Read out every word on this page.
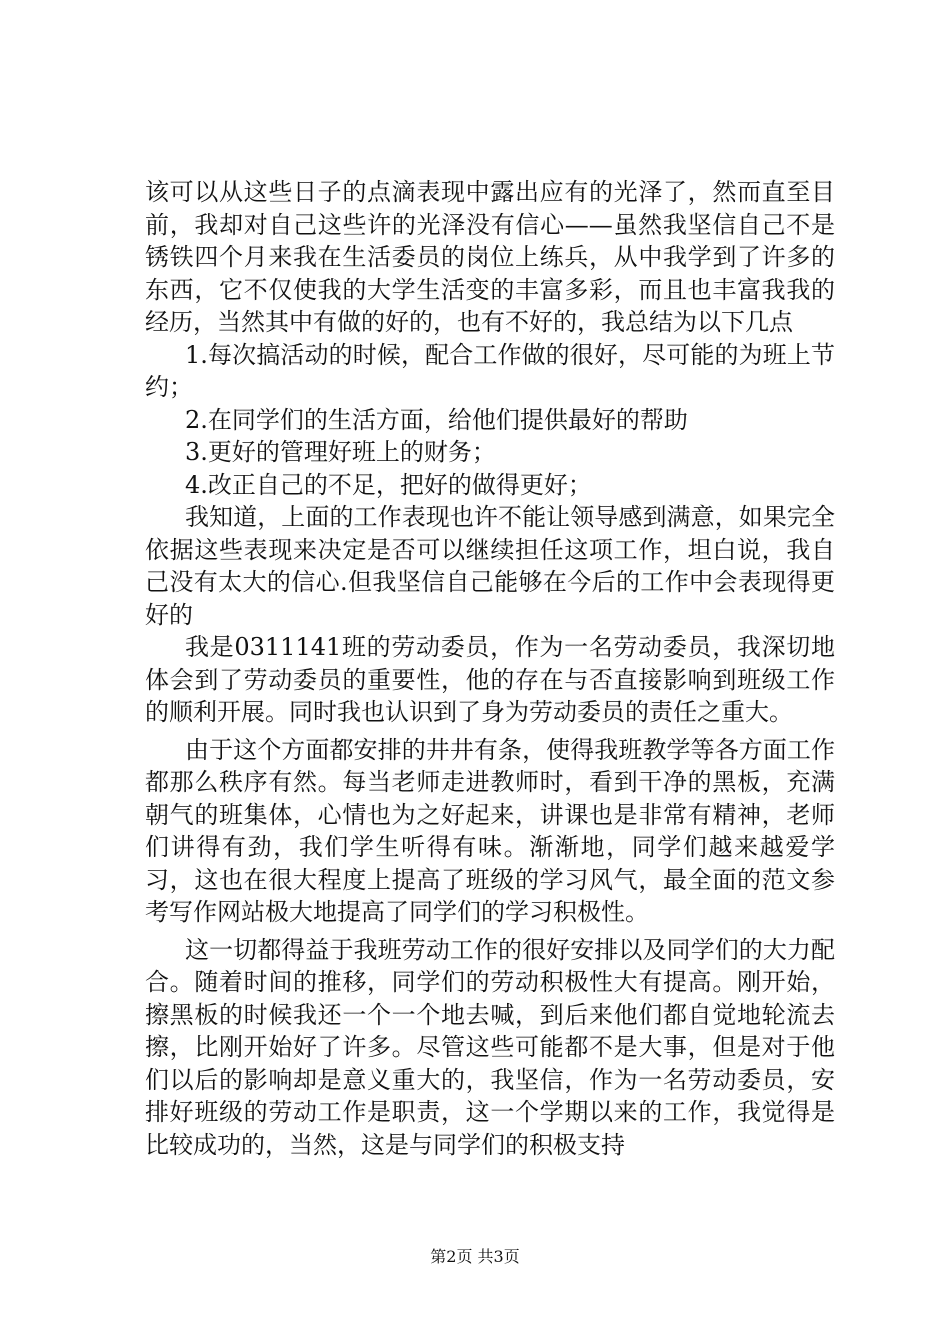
该可以从这些日子的点滴表现中露出应有的光泽了，然而直至目前，我却对自己这些许的光泽没有信心——虽然我坚信自己不是锈铁四个月来我在生活委员的岗位上练兵，从中我学到了许多的东西，它不仅使我的大学生活变的丰富多彩，而且也丰富我我的经历，当然其中有做的好的，也有不好的，我总结为以下几点

1.每次搞活动的时候，配合工作做的很好，尽可能的为班上节约；

2.在同学们的生活方面，给他们提供最好的帮助

3.更好的管理好班上的财务；

4.改正自己的不足，把好的做得更好；

我知道，上面的工作表现也许不能让领导感到满意，如果完全依据这些表现来决定是否可以继续担任这项工作，坦白说，我自己没有太大的信心.但我坚信自己能够在今后的工作中会表现得更好的

我是0311141班的劳动委员，作为一名劳动委员，我深切地体会到了劳动委员的重要性，他的存在与否直接影响到班级工作的顺利开展。同时我也认识到了身为劳动委员的责任之重大。

由于这个方面都安排的井井有条，使得我班教学等各方面工作都那么秩序有然。每当老师走进教师时，看到干净的黑板，充满朝气的班集体，心情也为之好起来，讲课也是非常有精神，老师们讲得有劲，我们学生听得有味。渐渐地，同学们越来越爱学习，这也在很大程度上提高了班级的学习风气，最全面的范文参考写作网站极大地提高了同学们的学习积极性。

这一切都得益于我班劳动工作的很好安排以及同学们的大力配合。随着时间的推移，同学们的劳动积极性大有提高。刚开始，擦黑板的时候我还一个一个地去喊，到后来他们都自觉地轮流去擦，比刚开始好了许多。尽管这些可能都不是大事，但是对于他们以后的影响却是意义重大的，我坚信，作为一名劳动委员，安排好班级的劳动工作是职责，这一个学期以来的工作，我觉得是比较成功的，当然，这是与同学们的积极支持

第2页 共3页
